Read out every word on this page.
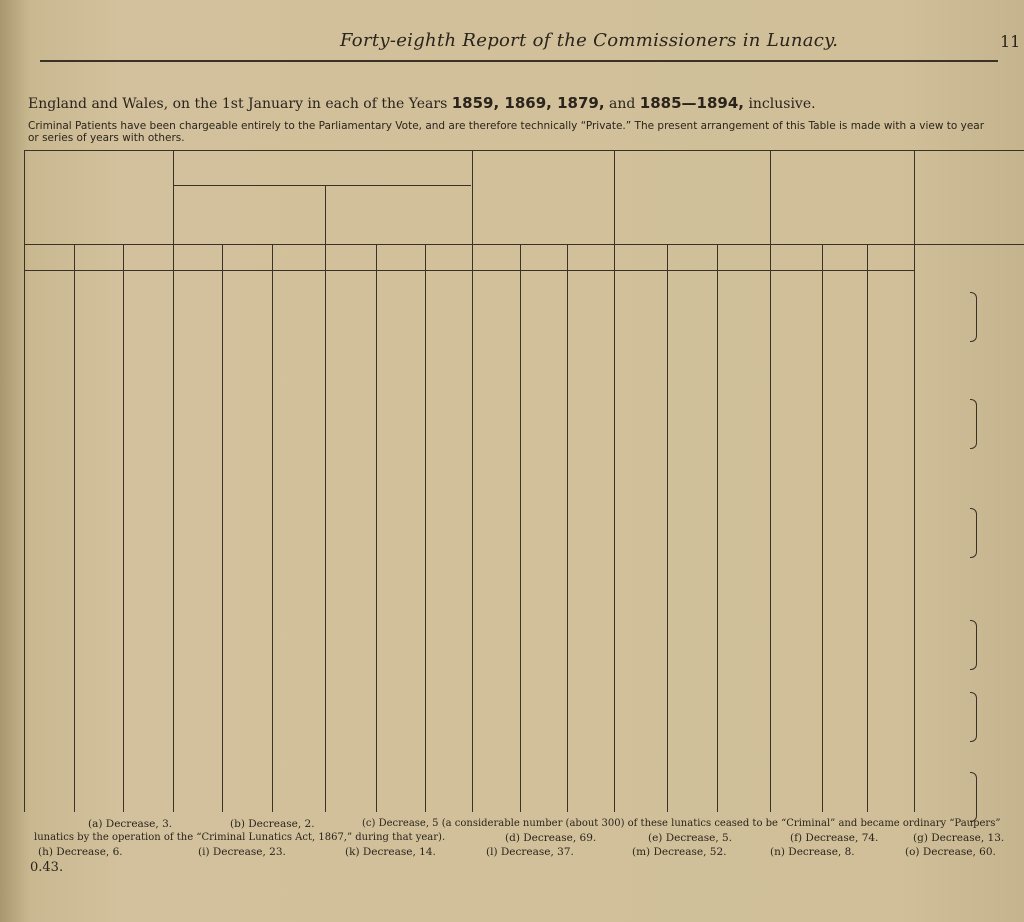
Forty-eighth Report of the Commissioners in Lunacy.	11
England and Wales, on the 1st January in each of the Years 1859, 1869, 1879, and 1885—1894, inclusive.
Criminal Patients have been chargeable entirely to the Parliamentary Vote, and are therefore technically “Private.” The present arrangement of this Table is made with a view to year or series of years with others.
(a) Decrease, 3.	(b) Decrease, 2.	(c) Decrease, 5 (a considerable number (about 300) of these lunatics ceased to be “Criminal” and became ordinary “Paupers”
lunatics by the operation of the “Criminal Lunatics Act, 1867,” during that year).	(d) Decrease, 69.	(e) Decrease, 5.	(f) Decrease, 74.	(g) Decrease, 13.
(h) Decrease, 6.	(i) Decrease, 23.	(k) Decrease, 14.	(l) Decrease, 37.	(m) Decrease, 52.	(n) Decrease, 8.	(o) Decrease, 60.
0.43.
